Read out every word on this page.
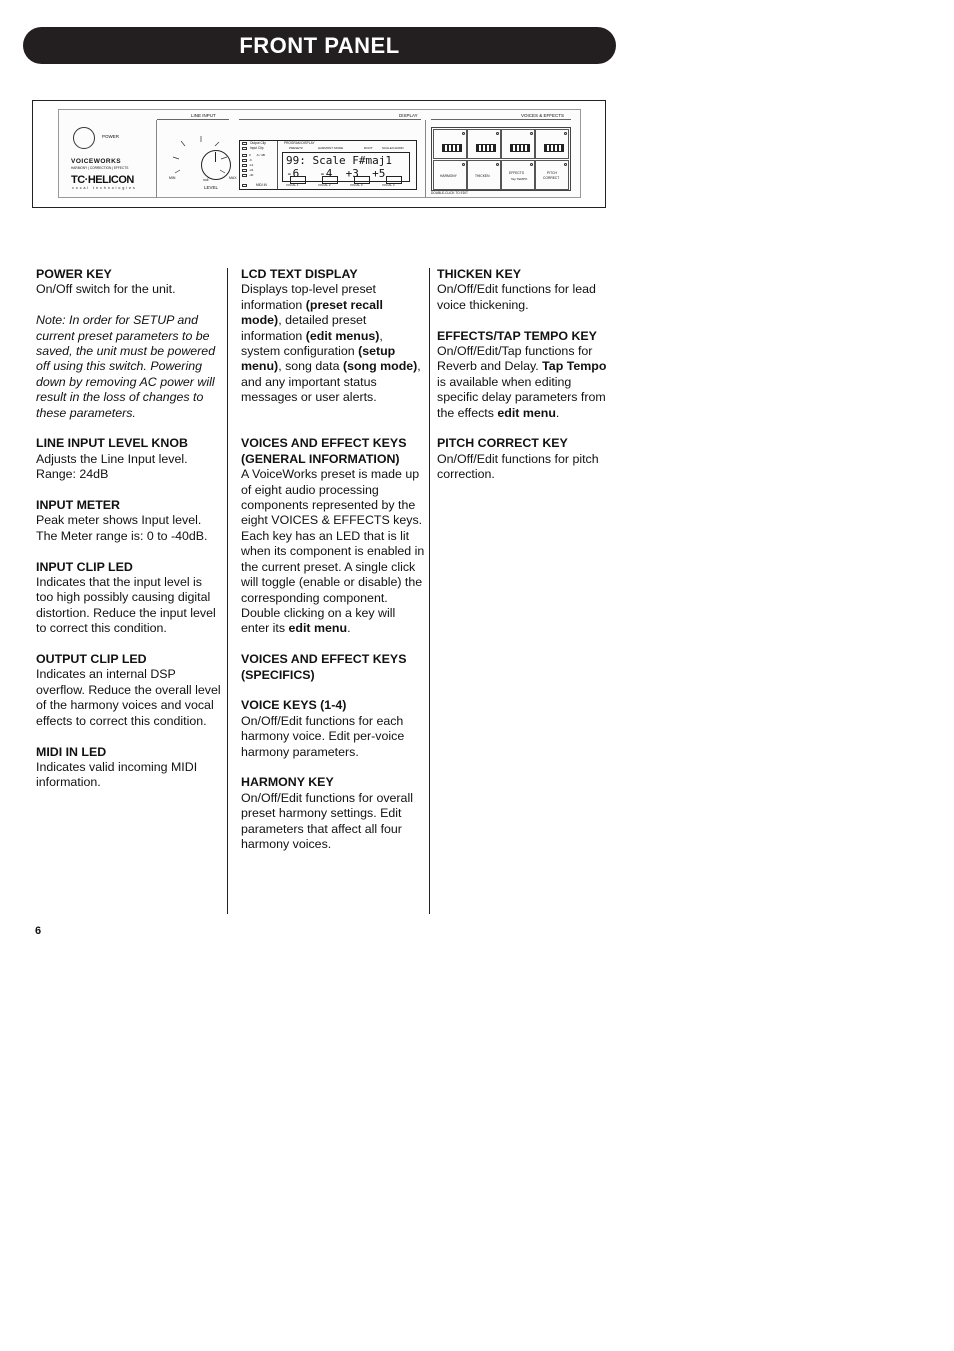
FRONT PANEL
POWER
VOICEWORKS
HARMONY | CORRECTION | EFFECTS
TC·HELICON
vocal technologies
LINE INPUT
MIN	null
LEVEL
MAX
DISPLAY
Output Clip
Input Clip
0 -6 / dB
-6
-12
-24
-40
MIDI IN
PROGRAM DISPLAY
PRESET#	HARMONY MODE	ROOT	SCALE/CHORD
99: Scale F#maj1
-6   -4  +3  +5
VOCAL 1	VOCAL 2	VOCAL 3	VOCAL 4
VOICES & EFFECTS
HARMONY	THICKEN
EFFECTS
Tap TEMPO
PITCH
CORRECT
DOUBLE-CLICK TO EDIT

POWER KEY
On/Off switch for the unit.

Note: In order for SETUP and current preset parameters to be saved, the unit must be powered off using this switch. Powering down by removing AC power will result in the loss of changes to these parameters.

LINE INPUT LEVEL KNOB
Adjusts the Line Input level. Range: 24dB

INPUT METER
Peak meter shows Input level. The Meter range is: 0 to -40dB.

INPUT CLIP LED
Indicates that the input level is too high possibly causing digital distortion. Reduce the input level to correct this condition.

OUTPUT CLIP LED
Indicates an internal DSP overflow. Reduce the overall level of the harmony voices and vocal effects to correct this condition.

MIDI IN LED
Indicates valid incoming MIDI information.

LCD TEXT DISPLAY
Displays top-level preset information (preset recall mode), detailed preset information (edit menus), system configuration (setup menu), song data (song mode), and any important status messages or user alerts.

VOICES AND EFFECT KEYS (GENERAL INFORMATION)
A VoiceWorks preset is made up of eight audio processing components represented by the eight VOICES & EFFECTS keys. Each key has an LED that is lit when its component is enabled in the current preset. A single click will toggle (enable or disable) the corresponding component. Double clicking on a key will enter its edit menu.

VOICES AND EFFECT KEYS (SPECIFICS)

VOICE KEYS (1-4)
On/Off/Edit functions for each harmony voice. Edit per-voice harmony parameters.

HARMONY KEY
On/Off/Edit functions for overall preset harmony settings. Edit parameters that affect all four harmony voices.

THICKEN KEY
On/Off/Edit functions for lead voice thickening.

EFFECTS/TAP TEMPO KEY
On/Off/Edit/Tap functions for Reverb and Delay. Tap Tempo is available when editing specific delay parameters from the effects edit menu.

PITCH CORRECT KEY
On/Off/Edit functions for pitch correction.

6
